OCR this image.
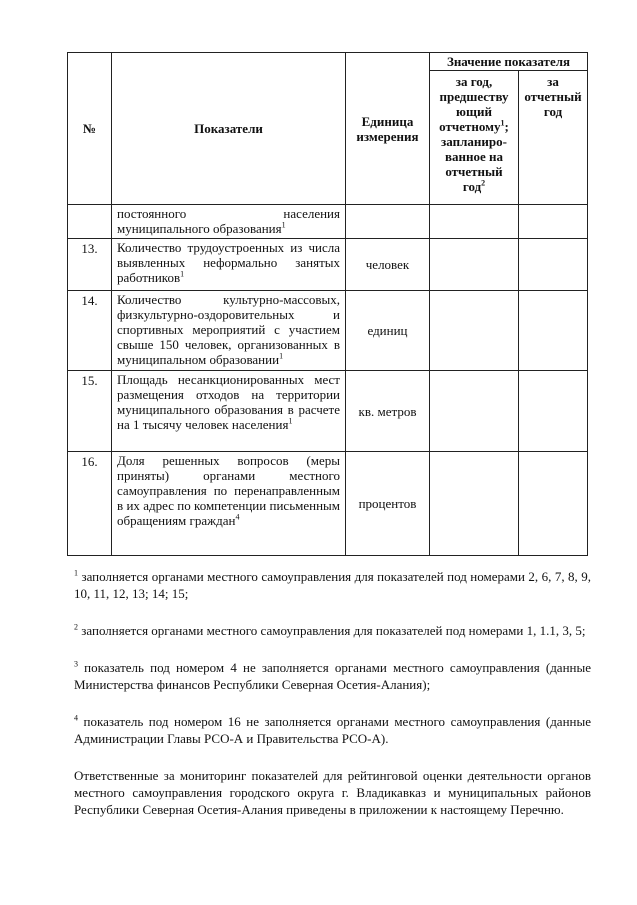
№	Показатели	Единица измерения	Значение показателя	
			за год, предшеству ющий отчетному$^1$; запланиро-ванное на отчетный год$^2$	за отчетный год
	постоянного населения муниципального образования$^1$			
13.	Количество трудоустроенных из числа выявленных неформально занятых работников$^1$	человек		
14.	Количество культурно-массовых, физкультурно-оздоровительных и спортивных мероприятий с участием свыше 150 человек, организованных в муниципальном образовании$^1$	единиц		
15.	Площадь несанкционированных мест размещения отходов на территории муниципального образования в расчете на 1 тысячу человек населения$^1$	кв. метров		
16.	Доля решенных вопросов (меры приняты) органами местного самоуправления по перенаправленным в их адрес по компетенции письменным обращениям граждан$^4$	процентов		

$^1$ заполняется органами местного самоуправления для показателей под номерами 2, 6, 7, 8, 9, 10, 11, 12, 13; 14; 15;

$^2$ заполняется органами местного самоуправления для показателей под номерами 1, 1.1, 3, 5;

$^3$ показатель под номером 4 не заполняется органами местного самоуправления (данные Министерства финансов Республики Северная Осетия-Алания);

$^4$ показатель под номером 16 не заполняется органами местного самоуправления (данные Администрации Главы РСО-А и Правительства РСО-А).

Ответственные за мониторинг показателей для рейтинговой оценки деятельности органов местного самоуправления городского округа г. Владикавказ и муниципальных районов Республики Северная Осетия-Алания приведены в приложении к настоящему Перечню.
